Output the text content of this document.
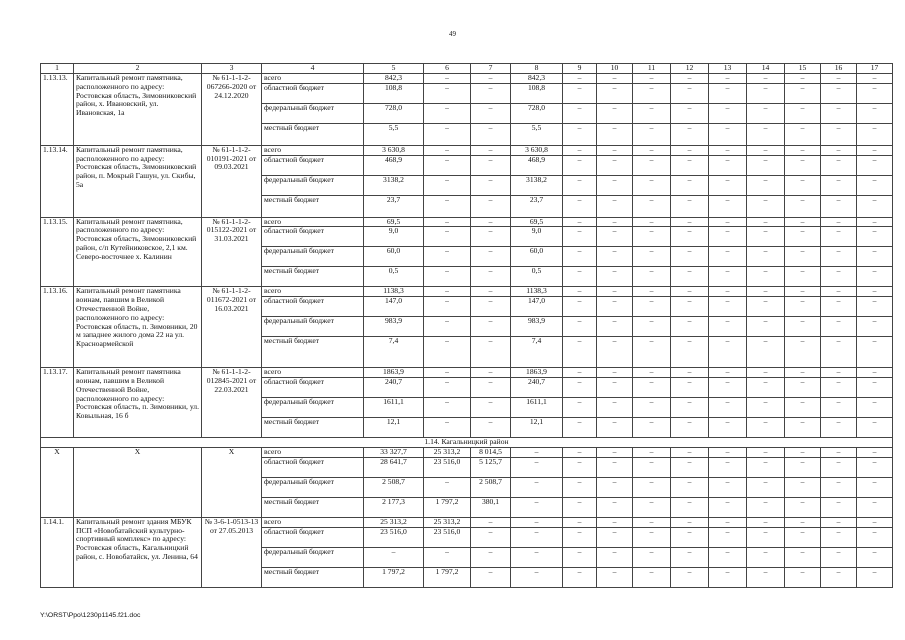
49
1	2	3	4	5	6	7	8	9	10	11	12	13	14	15	16	17
1.13.13.	Капитальный ремонт памятника, расположенного по адресу: Ростовская область, Зимовниковский район, х. Ивановский, ул. Ивановская, 1а	№ 61-1-1-2-067266-2020 от 24.12.2020	всего	842,3	–	–	842,3	–	–	–	–	–	–	–	–	–
			областной бюджет	108,8	–	–	108,8	–	–	–	–	–	–	–	–	–
			федеральный бюджет	728,0	–	–	728,0	–	–	–	–	–	–	–	–	–
			местный бюджет	5,5	–	–	5,5	–	–	–	–	–	–	–	–	–
1.13.14.	Капитальный ремонт памятника, расположенного по адресу: Ростовская область, Зимовниковский район, п. Мокрый Гашун, ул. Скибы, 5а	№ 61-1-1-2-010191-2021 от 09.03.2021	всего	3 630,8	–	–	3 630,8	–	–	–	–	–	–	–	–	–
			областной бюджет	468,9	–	–	468,9	–	–	–	–	–	–	–	–	–
			федеральный бюджет	3138,2	–	–	3138,2	–	–	–	–	–	–	–	–	–
			местный бюджет	23,7	–	–	23,7	–	–	–	–	–	–	–	–	–
1.13.15.	Капитальный ремонт памятника, расположенного по адресу: Ростовская область, Зимовниковский район, с/п Кутейниковское, 2,1 км. Северо-восточнее х. Калинин	№ 61-1-1-2-015122-2021 от 31.03.2021	всего	69,5	–	–	69,5	–	–	–	–	–	–	–	–	–
			областной бюджет	9,0	–	–	9,0	–	–	–	–	–	–	–	–	–
			федеральный бюджет	60,0	–	–	60,0	–	–	–	–	–	–	–	–	–
			местный бюджет	0,5	–	–	0,5	–	–	–	–	–	–	–	–	–
1.13.16.	Капитальный ремонт памятника воинам, павшим в Великой Отечественной Войне, расположенного по адресу: Ростовская область, п. Зимовники, 20 м западнее жилого дома 22 на ул. Красноармейской	№ 61-1-1-2-011672-2021 от 16.03.2021	всего	1138,3	–	–	1138,3	–	–	–	–	–	–	–	–	–
			областной бюджет	147,0	–	–	147,0	–	–	–	–	–	–	–	–	–
			федеральный бюджет	983,9	–	–	983,9	–	–	–	–	–	–	–	–	–
			местный бюджет	7,4	–	–	7,4	–	–	–	–	–	–	–	–	–
1.13.17.	Капитальный ремонт памятника воинам, павшим в Великой Отечественной Войне, расположенного по адресу: Ростовская область, п. Зимовники, ул. Ковыльная, 16 б	№ 61-1-1-2-012845-2021 от 22.03.2021	всего	1863,9	–	–	1863,9	–	–	–	–	–	–	–	–	–
			областной бюджет	240,7	–	–	240,7	–	–	–	–	–	–	–	–	–
			федеральный бюджет	1611,1	–	–	1611,1	–	–	–	–	–	–	–	–	–
			местный бюджет	12,1	–	–	12,1	–	–	–	–	–	–	–	–	–
1.14. Кагальницкий район																
Х	Х	Х	всего	33 327,7	25 313,2	8 014,5	–	–	–	–	–	–	–	–	–	–
			областной бюджет	28 641,7	23 516,0	5 125,7	–	–	–	–	–	–	–	–	–	–
			федеральный бюджет	2 508,7	–	2 508,7	–	–	–	–	–	–	–	–	–	–
			местный бюджет	2 177,3	1 797,2	380,1	–	–	–	–	–	–	–	–	–	–
1.14.1.	Капитальный ремонт здания МБУК ПСП «Новобатайский культурно-спортивный комплекс» по адресу: Ростовская область, Кагальницкий район, с. Новобатайск, ул. Ленина, 64	№ 3-6-1-0513-13 от 27.05.2013	всего	25 313,2	25 313,2	–	–	–	–	–	–	–	–	–	–	–
			областной бюджет	23 516,0	23 516,0	–	–	–	–	–	–	–	–	–	–	–
			федеральный бюджет	–	–	–	–	–	–	–	–	–	–	–	–	–
			местный бюджет	1 797,2	1 797,2	–	–	–	–	–	–	–	–	–	–	–
Y:\ORST\Ppo\1230p1145.f21.doc
